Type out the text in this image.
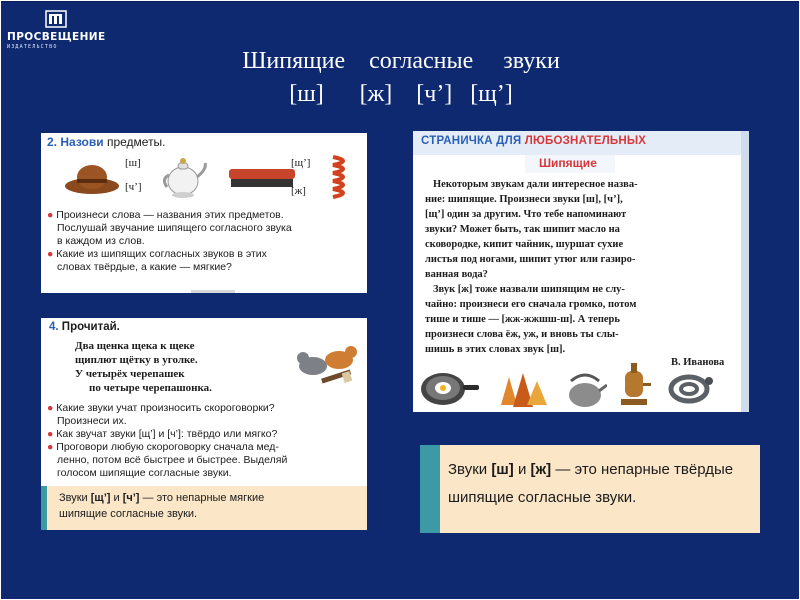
ПРОСВЕЩЕНИЕ
ИЗДАТЕЛЬСТВО
Шипящие    согласные     звуки
[ш]      [ж]    [ч’]   [щ’]
2. Назови предметы.
[ш]
[ч’]
[щ’]
[ж]
● Произнеси слова — названия этих предметов.
Послушай звучание шипящего согласного звука
в каждом из слов.
● Какие из шипящих согласных звуков в этих
словах твёрдые, а какие — мягкие?
СТРАНИЧКА ДЛЯ ЛЮБОЗНАТЕЛЬНЫХ
Шипящие
Некоторым звукам дали интересное назва-
ние: шипящие. Произнеси звуки [ш], [ч’],
[щ’] один за другим. Что тебе напоминают
звуки? Может быть, так шипит масло на
сковородке, кипит чайник, шуршат сухие
листья под ногами, шипит утюг или газиро-
ванная вода?
Звук [ж] тоже назвали шипящим не слу-
чайно: произнеси его сначала громко, потом
тише и тише — [жж-жжшш-ш]. А теперь
произнеси слова ёж, уж, и вновь ты слы-
шишь в этих словах звук [ш].
В. Иванова
4. Прочитай.
Два щенка щека к щеке
щиплют щётку в уголке.
У четырёх черепашек
по четыре черепашонка.
● Какие звуки учат произносить скороговорки?
Произнеси их.
● Как звучат звуки [щ’] и [ч’]: твёрдо или мягко?
● Проговори любую скороговорку сначала мед-
ленно, потом всё быстрее и быстрее. Выделяй
голосом шипящие согласные звуки.
Звуки [щ’] и [ч’] — это непарные мягкие
шипящие согласные звуки.
Звуки [ш] и [ж] — это непарные твёрдые
шипящие согласные звуки.
